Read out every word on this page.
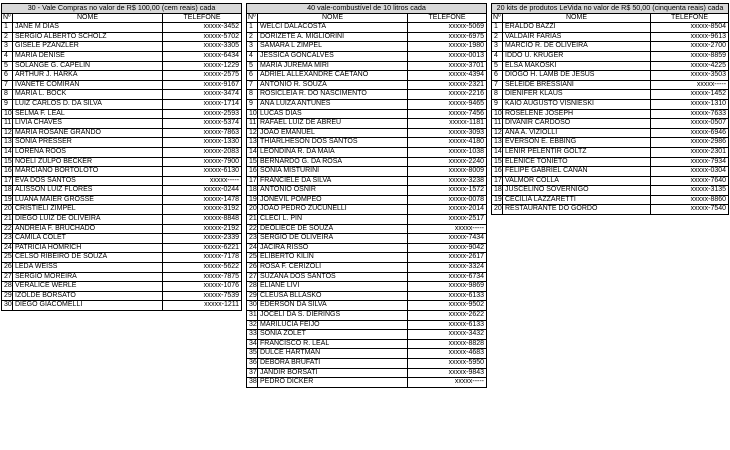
30 - Vale Compras no valor de R$ 100,00 (cem reais) cada		
Nº	NOME	TELEFONE
1	JANE M DIAS	xxxxx-3452
2	SERGIO ALBERTO SCHOLZ	xxxxx-5702
3	GISELE PZANZLER	xxxxx-3305
4	MARIA DENISE	xxxxx-6434
5	SOLANGE G. CAPELIN	xxxxx-1229
6	ARTHUR J. HARKA	xxxxx-2575
7	IVANETE COMIRAN	xxxxx-9167
8	MARIA L. BOCK	xxxxx-3474
9	LUIZ CARLOS D. DA SILVA	xxxxx-1714
10	SELMA F. LEAL	xxxxx-2593
11	LIVIA CHAVES	xxxxx-5374
12	MARIA ROSANE GRANDO	xxxxx-7863
13	SONIA PRESSER	xxxxx-1330
14	LORENA ROOS	xxxxx-2083
15	NOELI ZULPO BECKER	xxxxx-7900
16	MARCIANO BORTOLOTO	xxxxx-6130
17	EVA DOS SANTOS	xxxxx-----
18	ALISSON LUIZ FLORES	xxxxx-0244
19	LUANA MAIER GROSSE	xxxxx-1478
20	CRISTIELI ZIMPEL	xxxxx-3192
21	DIEGO LUIZ DE OLIVEIRA	xxxxx-8848
22	ANDREIA F. BRUCHADO	xxxxx-2192
23	CAMILA COLET	xxxxx-2339
24	PATRICIA HOMRICH	xxxxx-6221
25	CELSO RIBEIRO DE SOUZA	xxxxx-7178
26	LEDA WEISS	xxxxx-5622
27	SERGIO MOREIRA	xxxxx-7875
28	VERALICE WERLE	xxxxx-1076
29	IZOLDE BORSATO	xxxxx-7539
30	DIEGO GIACOMELLI	xxxxx-1211
40 vale-combustível de 10 litros cada		
Nº	NOME	TELEFONE
1	WELCI DALACOSTA	xxxxx-5069
2	DORIZETE A. MIGLIORINI	xxxxx-6975
3	SAMARA L ZIMPEL	xxxxx-1980
4	JESSICA GONCALVES	xxxxx-0013
5	MARIA JUREMA MIRI	xxxxx-3701
6	ADRIEL ALLEXANDRE CAETANO	xxxxx-4394
7	ANTONIO R. SOUZA	xxxxx-2321
8	ROSICLEIA R. DO NASCIMENTO	xxxxx-2216
9	ANA LUIZA ANTUNES	xxxxx-9465
10	LUCAS DIAS	xxxxx-7456
11	RAFAEL LUIZ DE ABREU	xxxxx-1181
12	JOAO EMANUEL	xxxxx-3093
13	THIARLHESON DOS SANTOS	xxxxx-4180
14	LEONDINA R. DA MAIA	xxxxx-1038
15	BERNARDO G. DA ROSA	xxxxx-2240
16	SONIA MISTURINI	xxxxx-8009
17	FRANCIELE DA SILVA	xxxxx-3238
18	ANTONIO OSNIR	xxxxx-1572
19	JONEVIL POMPEO	xxxxx-0078
20	JOAO PEDRO ZUCUNELLI	xxxxx-2014
21	CLECI L. PIN	xxxxx-2517
22	DEOLIECE DE SOUZA	xxxxx-----
23	SERGIO DE OLIVEIRA	xxxxx-7434
24	JACIRA RISSO	xxxxx-9042
25	ELIBERTO KILIN	xxxxx-2617
26	ROSA F. CERIZOLI	xxxxx-3324
27	SUZANA DOS SANTOS	xxxxx-6734
28	ELIANE LIVI	xxxxx-9869
29	CLEUSA BLLASKO	xxxxx-6133
30	EDERSON DA SILVA	xxxxx-9502
31	JOCELI DA S. DIERINGS	xxxxx-2622
32	MARILUCIA FEIJO	xxxxx-6133
33	SONIA ZOLET	xxxxx-3432
34	FRANCISCO R. LEAL	xxxxx-8828
35	DULCE HARTMAN	xxxxx-4683
36	DEBORA BRUFATI	xxxxx-5950
37	JANDIR BORSATI	xxxxx-9843
38	PEDRO DICKER	xxxxx-----
20 kits de produtos LeVida no valor de R$ 50,00 (cinquenta reais) cada		
Nº	NOME	TELEFONE
1	ERALDO BAZZI	xxxxx-8504
2	VALDAIR FARIAS	xxxxx-9613
3	MARCIO R. DE OLIVEIRA	xxxxx-2700
4	IDDO U. KRUGER	xxxxx-8859
5	ELSA MAKOSKI	xxxxx-4225
6	DIOGO H. LAMB DE JESUS	xxxxx-3503
7	SELEIDE BRESSIANI	xxxxx-----
8	DIENIFER KLAUS	xxxxx-1452
9	KAIO AUGUSTO VISNIESKI	xxxxx-1310
10	ROSELENE JOSEPH	xxxxx-7633
11	DIVANIR CARDOSO	xxxxx-0507
12	ANA A. VIZIOLLI	xxxxx-6946
13	EVERSON E. EBBING	xxxxx-2986
14	LENIR PELENTIR GOLTZ	xxxxx-2301
15	ELENICE TONIETO	xxxxx-7934
16	FELIPE GABRIEL CANAN	xxxxx-0304
17	VALMOR COLLA	xxxxx-7640
18	JUSCELINO SOVERNIGO	xxxxx-3135
19	CECILIA LAZZARETTI	xxxxx-8860
20	RESTAURANTE DO GORDO	xxxxx-7540
